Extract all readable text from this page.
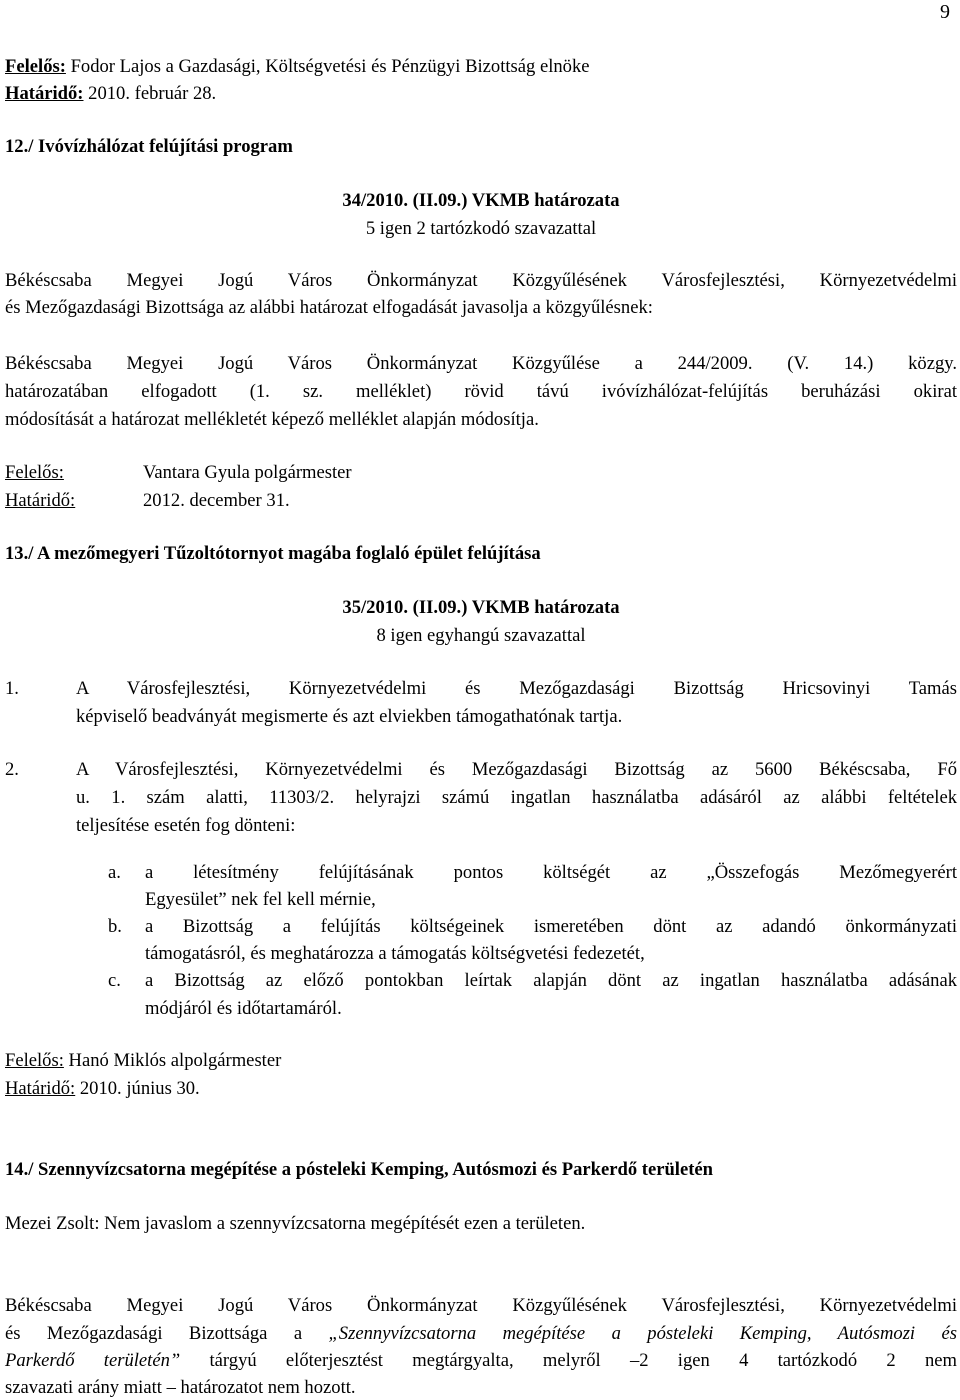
9

Felelős: Fodor Lajos a Gazdasági, Költségvetési és Pénzügyi Bizottság elnöke

Határidő: 2010. február 28.

12./ Ivóvízhálózat felújítási program

34/2010. (II.09.) VKMB határozata

5 igen 2 tartózkodó szavazattal

Békéscsaba Megyei Jogú Város Önkormányzat Közgyűlésének Városfejlesztési, Környezetvédelmi

és Mezőgazdasági Bizottsága az alábbi határozat elfogadását javasolja a közgyűlésnek:

Békéscsaba Megyei Jogú Város Önkormányzat Közgyűlése a 244/2009. (V. 14.) közgy.

határozatában elfogadott (1. sz. melléklet) rövid távú ivóvízhálózat-felújítás beruházási okirat

módosítását a határozat mellékletét képező melléklet alapján módosítja.

Felelős:	Vantara Gyula polgármester

Határidő:	2012. december 31.

13./ A mezőmegyeri Tűzoltótornyot magába foglaló épület felújítása

35/2010. (II.09.) VKMB határozata

8 igen egyhangú szavazattal

1.	A Városfejlesztési, Környezetvédelmi és Mezőgazdasági Bizottság Hricsovinyi Tamás

képviselő beadványát megismerte és azt elviekben támogathatónak tartja.

2.	A Városfejlesztési, Környezetvédelmi és Mezőgazdasági Bizottság az 5600 Békéscsaba, Fő

u. 1. szám alatti, 11303/2. helyrajzi számú ingatlan használatba adásáról az alábbi feltételek

teljesítése esetén fog dönteni:

a. a létesítmény felújításának pontos költségét az „Összefogás Mezőmegyerért

Egyesület” nek fel kell mérnie,

b. a Bizottság a felújítás költségeinek ismeretében dönt az adandó önkormányzati

támogatásról, és meghatározza a támogatás költségvetési fedezetét,

c. a Bizottság az előző pontokban leírtak alapján dönt az ingatlan használatba adásának

módjáról és időtartamáról.

Felelős: Hanó Miklós alpolgármester

Határidő: 2010. június 30.

14./ Szennyvízcsatorna megépítése a pósteleki Kemping, Autósmozi és Parkerdő területén

Mezei Zsolt: Nem javaslom a szennyvízcsatorna megépítését ezen a területen.

Békéscsaba Megyei Jogú Város Önkormányzat Közgyűlésének Városfejlesztési, Környezetvédelmi

és Mezőgazdasági Bizottsága a „Szennyvízcsatorna megépítése a pósteleki Kemping, Autósmozi és

Parkerdő területén” tárgyú előterjesztést megtárgyalta, melyről –2 igen 4 tartózkodó 2 nem

szavazati arány miatt – határozatot nem hozott.
